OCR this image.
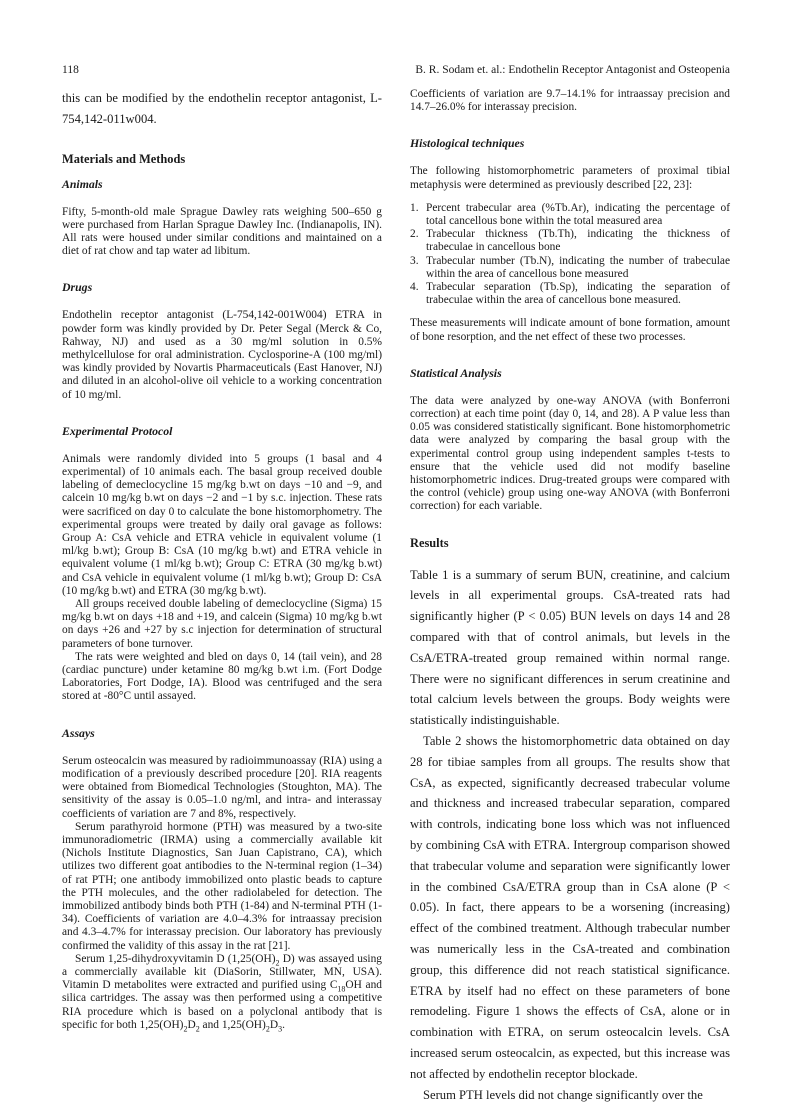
118	B. R. Sodam et. al.: Endothelin Receptor Antagonist and Osteopenia

this can be modified by the endothelin receptor antagonist, L-754,142-011w004.

Materials and Methods
Animals

Fifty, 5-month-old male Sprague Dawley rats weighing 500–650 g were purchased from Harlan Sprague Dawley Inc. (Indianapolis, IN). All rats were housed under similar conditions and maintained on a diet of rat chow and tap water ad libitum.

Drugs

Endothelin receptor antagonist (L-754,142-001W004) ETRA in powder form was kindly provided by Dr. Peter Segal (Merck & Co, Rahway, NJ) and used as a 30 mg/ml solution in 0.5% methylcellulose for oral administration. Cyclosporine-A (100 mg/ml) was kindly provided by Novartis Pharmaceuticals (East Hanover, NJ) and diluted in an alcohol-olive oil vehicle to a working concentration of 10 mg/ml.

Experimental Protocol

Animals were randomly divided into 5 groups (1 basal and 4 experimental) of 10 animals each. The basal group received double labeling of demeclocycline 15 mg/kg b.wt on days −10 and −9, and calcein 10 mg/kg b.wt on days −2 and −1 by s.c. injection. These rats were sacrificed on day 0 to calculate the bone histomorphometry. The experimental groups were treated by daily oral gavage as follows: Group A: CsA vehicle and ETRA vehicle in equivalent volume (1 ml/kg b.wt); Group B: CsA (10 mg/kg b.wt) and ETRA vehicle in equivalent volume (1 ml/kg b.wt); Group C: ETRA (30 mg/kg b.wt) and CsA vehicle in equivalent volume (1 ml/kg b.wt); Group D: CsA (10 mg/kg b.wt) and ETRA (30 mg/kg b.wt).

All groups received double labeling of demeclocycline (Sigma) 15 mg/kg b.wt on days +18 and +19, and calcein (Sigma) 10 mg/kg b.wt on days +26 and +27 by s.c injection for determination of structural parameters of bone turnover.

The rats were weighted and bled on days 0, 14 (tail vein), and 28 (cardiac puncture) under ketamine 80 mg/kg b.wt i.m. (Fort Dodge Laboratories, Fort Dodge, IA). Blood was centrifuged and the sera stored at -80°C until assayed.

Assays

Serum osteocalcin was measured by radioimmunoassay (RIA) using a modification of a previously described procedure [20]. RIA reagents were obtained from Biomedical Technologies (Stoughton, MA). The sensitivity of the assay is 0.05–1.0 ng/ml, and intra- and interassay coefficients of variation are 7 and 8%, respectively.

Serum parathyroid hormone (PTH) was measured by a two-site immunoradiometric (IRMA) using a commercially available kit (Nichols Institute Diagnostics, San Juan Capistrano, CA), which utilizes two different goat antibodies to the N-terminal region (1–34) of rat PTH; one antibody immobilized onto plastic beads to capture the PTH molecules, and the other radiolabeled for detection. The immobilized antibody binds both PTH (1-84) and N-terminal PTH (1-34). Coefficients of variation are 4.0–4.3% for intraassay precision and 4.3–4.7% for interassay precision. Our laboratory has previously confirmed the validity of this assay in the rat [21].

Serum 1,25-dihydroxyvitamin D ($1,25(OH)_2$ D) was assayed using a commercially available kit (DiaSorin, Stillwater, MN, USA). Vitamin D metabolites were extracted and purified using $C_{18}OH$ and silica cartridges. The assay was then performed using a competitive RIA procedure which is based on a polyclonal antibody that is specific for both $1,25(OH)_2D_2$ and $1,25(OH)_2D_3$.

Coefficients of variation are 9.7–14.1% for intraassay precision and 14.7–26.0% for interassay precision.

Histological techniques

The following histomorphometric parameters of proximal tibial metaphysis were determined as previously described [22, 23]:

1. Percent trabecular area (%Tb.Ar), indicating the percentage of total cancellous bone within the total measured area
2. Trabecular thickness (Tb.Th), indicating the thickness of trabeculae in cancellous bone
3. Trabecular number (Tb.N), indicating the number of trabeculae within the area of cancellous bone measured
4. Trabecular separation (Tb.Sp), indicating the separation of trabeculae within the area of cancellous bone measured.

These measurements will indicate amount of bone formation, amount of bone resorption, and the net effect of these two processes.

Statistical Analysis

The data were analyzed by one-way ANOVA (with Bonferroni correction) at each time point (day 0, 14, and 28). A P value less than 0.05 was considered statistically significant. Bone histomorphometric data were analyzed by comparing the basal group with the experimental control group using independent samples t-tests to ensure that the vehicle used did not modify baseline histomorphometric indices. Drug-treated groups were compared with the control (vehicle) group using one-way ANOVA (with Bonferroni correction) for each variable.

Results

Table 1 is a summary of serum BUN, creatinine, and calcium levels in all experimental groups. CsA-treated rats had significantly higher (P < 0.05) BUN levels on days 14 and 28 compared with that of control animals, but levels in the CsA/ETRA-treated group remained within normal range. There were no significant differences in serum creatinine and total calcium levels between the groups. Body weights were statistically indistinguishable.

Table 2 shows the histomorphometric data obtained on day 28 for tibiae samples from all groups. The results show that CsA, as expected, significantly decreased trabecular volume and thickness and increased trabecular separation, compared with controls, indicating bone loss which was not influenced by combining CsA with ETRA. Intergroup comparison showed that trabecular volume and separation were significantly lower in the combined CsA/ETRA group than in CsA alone (P < 0.05). In fact, there appears to be a worsening (increasing) effect of the combined treatment. Although trabecular number was numerically less in the CsA-treated and combination group, this difference did not reach statistical significance. ETRA by itself had no effect on these parameters of bone remodeling. Figure 1 shows the effects of CsA, alone or in combination with ETRA, on serum osteocalcin levels. CsA increased serum osteocalcin, as expected, but this increase was not affected by endothelin receptor blockade.

Serum PTH levels did not change significantly over the
